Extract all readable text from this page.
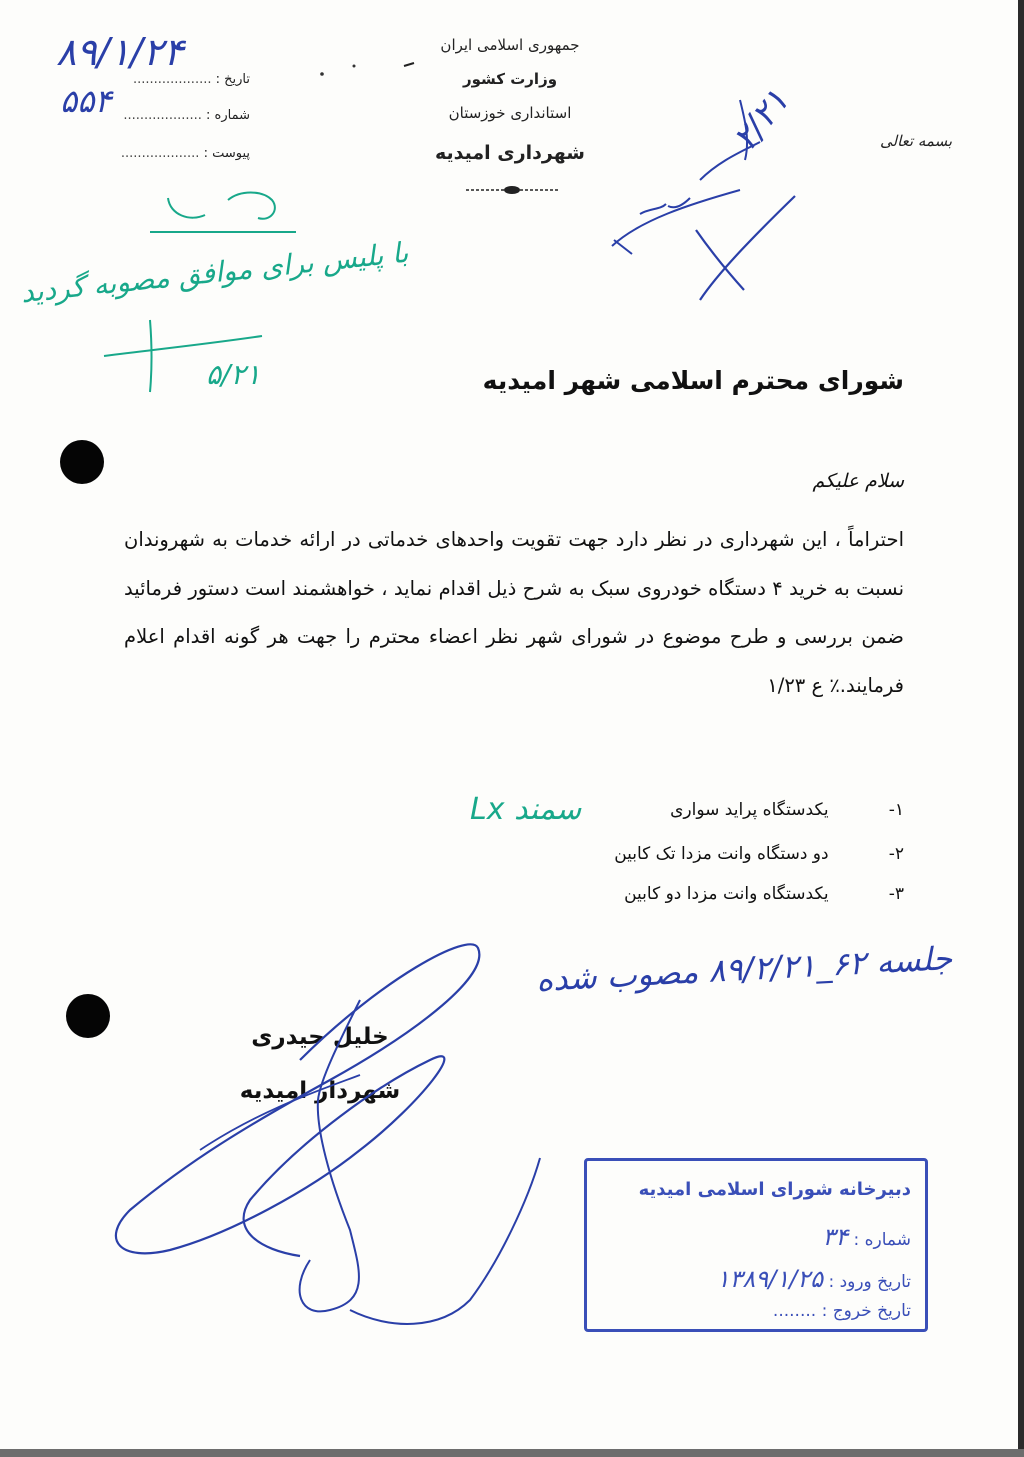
جمهوری اسلامی ایران
وزارت کشور
استانداری خوزستان
شهرداری امیدیه
تاریخ : ...................
شماره : ...................
پیوست : ...................
۸۹/۱/۲۴
۵۵۴
بسمه تعالی
۲/۲۱
با پلیس برای موافق مصوبه گردید
۵/۲۱	شورای محترم اسلامی شهر امیدیه
سلام علیکم
احتراماً ، این شهرداری در نظر دارد جهت تقویت واحدهای خدماتی در ارائه خدمات به شهروندان نسبت به خرید ۴ دستگاه خودروی سبک به شرح ذیل اقدام نماید ، خواهشمند است دستور فرمائید ضمن بررسی و طرح موضوع در شورای شهر نظر اعضاء محترم را جهت هر گونه اقدام اعلام فرمایند.٪ ع ۱/۲۳
۱- یکدستگاه پراید سواری
۲- دو دستگاه وانت مزدا تک کابین
۳- یکدستگاه وانت مزدا دو کابین
Lx سمند
جلسه ۶۲_۸۹/۲/۲۱ مصوب شده
خلیل حیدری
شهردار امیدیه
دبیرخانه شورای اسلامی امیدیه
شماره : ۳۴
تاریخ ورود : ۱۳۸۹/۱/۲۵
تاریخ خروج : ........
